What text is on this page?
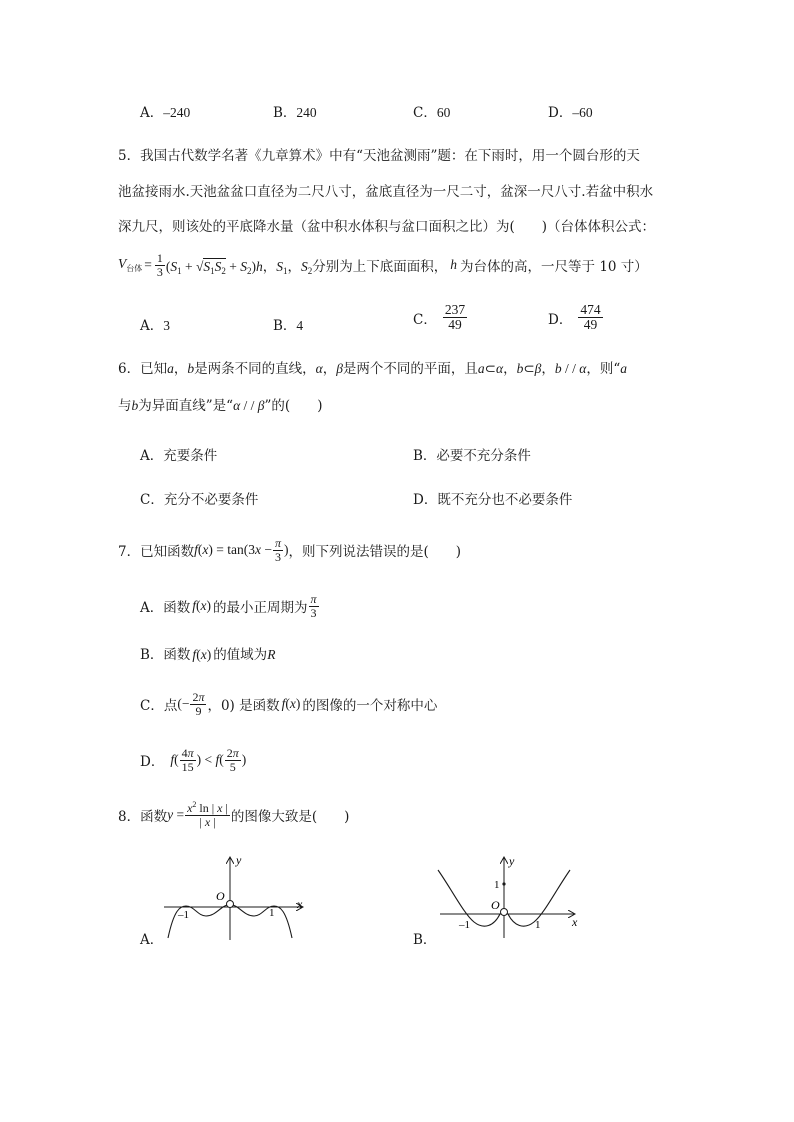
A．–240	B．240	C．60	D．–60
5．我国古代数学名著《九章算术》中有“天池盆测雨”题：在下雨时，用一个圆台形的天
池盆接雨水.天池盆盆口直径为二尺八寸，盆底直径为一尺二寸，盆深一尺八寸.若盆中积水
深九尺，则该处的平底降水量（盆中积水体积与盆口面积之比）为(　　)（台体体积公式：
$V_{台体} = \frac{1}{3} (S_1 + √S_1S_2 + S_2)h$，$S_1$，$S_2$ 分别为上下底面面积， h 为台体的高，一尺等于 10 寸）
A．3	B．4	C． $\frac{237}{49}$	D． $\frac{474}{49}$
6．已知a，b是两条不同的直线，α，β是两个不同的平面，且a⊂α，b⊂β，b / / α，则“a
与b为异面直线”是“α / / β”的(　　)
A．充要条件	B．必要不充分条件
C．充分不必要条件	D．既不充分也不必要条件
7．已知函数 $f(x) = \tan(3x - \frac{\pi}{3}$ ) ，则下列说法错误的是(　　)
A．函数 f(x) 的最小正周期为 $\frac{\pi}{3}$
B．函数 f(x) 的值域为R
C．点 (− $\frac{2\pi}{9}$ ，0) 是函数 f(x) 的图像的一个对称中心
D． $f( \frac{4\pi}{15}$ ) < $f( \frac{2\pi}{5}$ )
8．函数 $y = \frac{x^2 \ln | x |}{| x |}$ 的图像大致是(　　)
y
x
O
–1	1
A．
y
x
O
1
–1	1
B．
